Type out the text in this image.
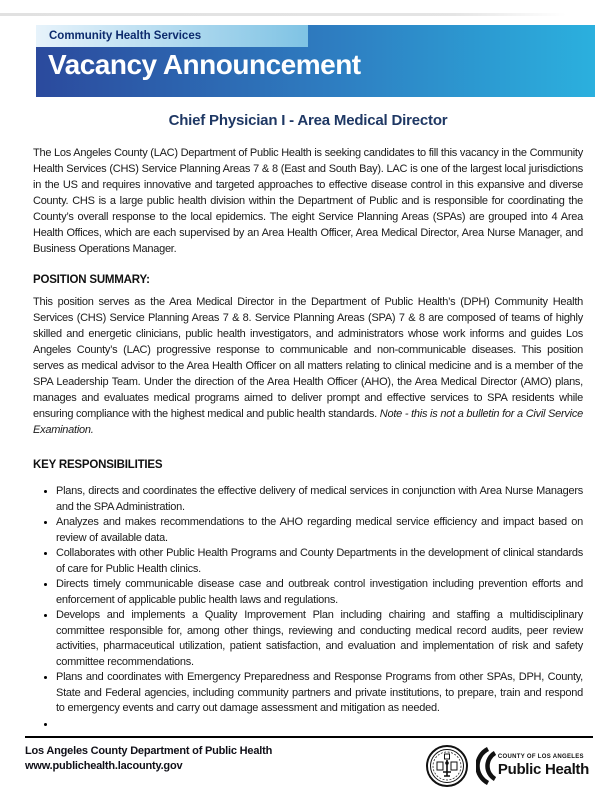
Community Health Services
Vacancy Announcement
Chief Physician I - Area Medical Director

The Los Angeles County (LAC) Department of Public Health is seeking candidates to fill this vacancy in the Community Health Services (CHS) Service Planning Areas 7 & 8 (East and South Bay). LAC is one of the largest local jurisdictions in the US and requires innovative and targeted approaches to effective disease control in this expansive and diverse County. CHS is a large public health division within the Department of Public and is responsible for coordinating the County’s overall response to the local epidemics. The eight Service Planning Areas (SPAs) are grouped into 4 Area Health Offices, which are each supervised by an Area Health Officer, Area Medical Director, Area Nurse Manager, and Business Operations Manager.

POSITION SUMMARY:

This position serves as the Area Medical Director in the Department of Public Health’s (DPH) Community Health Services (CHS) Service Planning Areas 7 & 8. Service Planning Areas (SPA) 7 & 8 are composed of teams of highly skilled and energetic clinicians, public health investigators, and administrators whose work informs and guides Los Angeles County’s (LAC) progressive response to communicable and non-communicable diseases. This position serves as medical advisor to the Area Health Officer on all matters relating to clinical medicine and is a member of the SPA Leadership Team. Under the direction of the Area Health Officer (AHO), the Area Medical Director (AMO) plans, manages and evaluates medical programs aimed to deliver prompt and effective services to SPA residents while ensuring compliance with the highest medical and public health standards. Note - this is not a bulletin for a Civil Service Examination.

KEY RESPONSIBILITIES
• Plans, directs and coordinates the effective delivery of medical services in conjunction with Area Nurse Managers and the SPA Administration.
• Analyzes and makes recommendations to the AHO regarding medical service efficiency and impact based on review of available data.
• Collaborates with other Public Health Programs and County Departments in the development of clinical standards of care for Public Health clinics.
• Directs timely communicable disease case and outbreak control investigation including prevention efforts and enforcement of applicable public health laws and regulations.
• Develops and implements a Quality Improvement Plan including chairing and staffing a multidisciplinary committee responsible for, among other things, reviewing and conducting medical record audits, peer review activities, pharmaceutical utilization, patient satisfaction, and evaluation and implementation of risk and safety committee recommendations.
• Plans and coordinates with Emergency Preparedness and Response Programs from other SPAs, DPH, County, State and Federal agencies, including community partners and private institutions, to prepare, train and respond to emergency events and carry out damage assessment and mitigation as needed.
•
Los Angeles County Department of Public Health
www.publichealth.lacounty.gov
COUNTY OF LOS ANGELES
Public Health
